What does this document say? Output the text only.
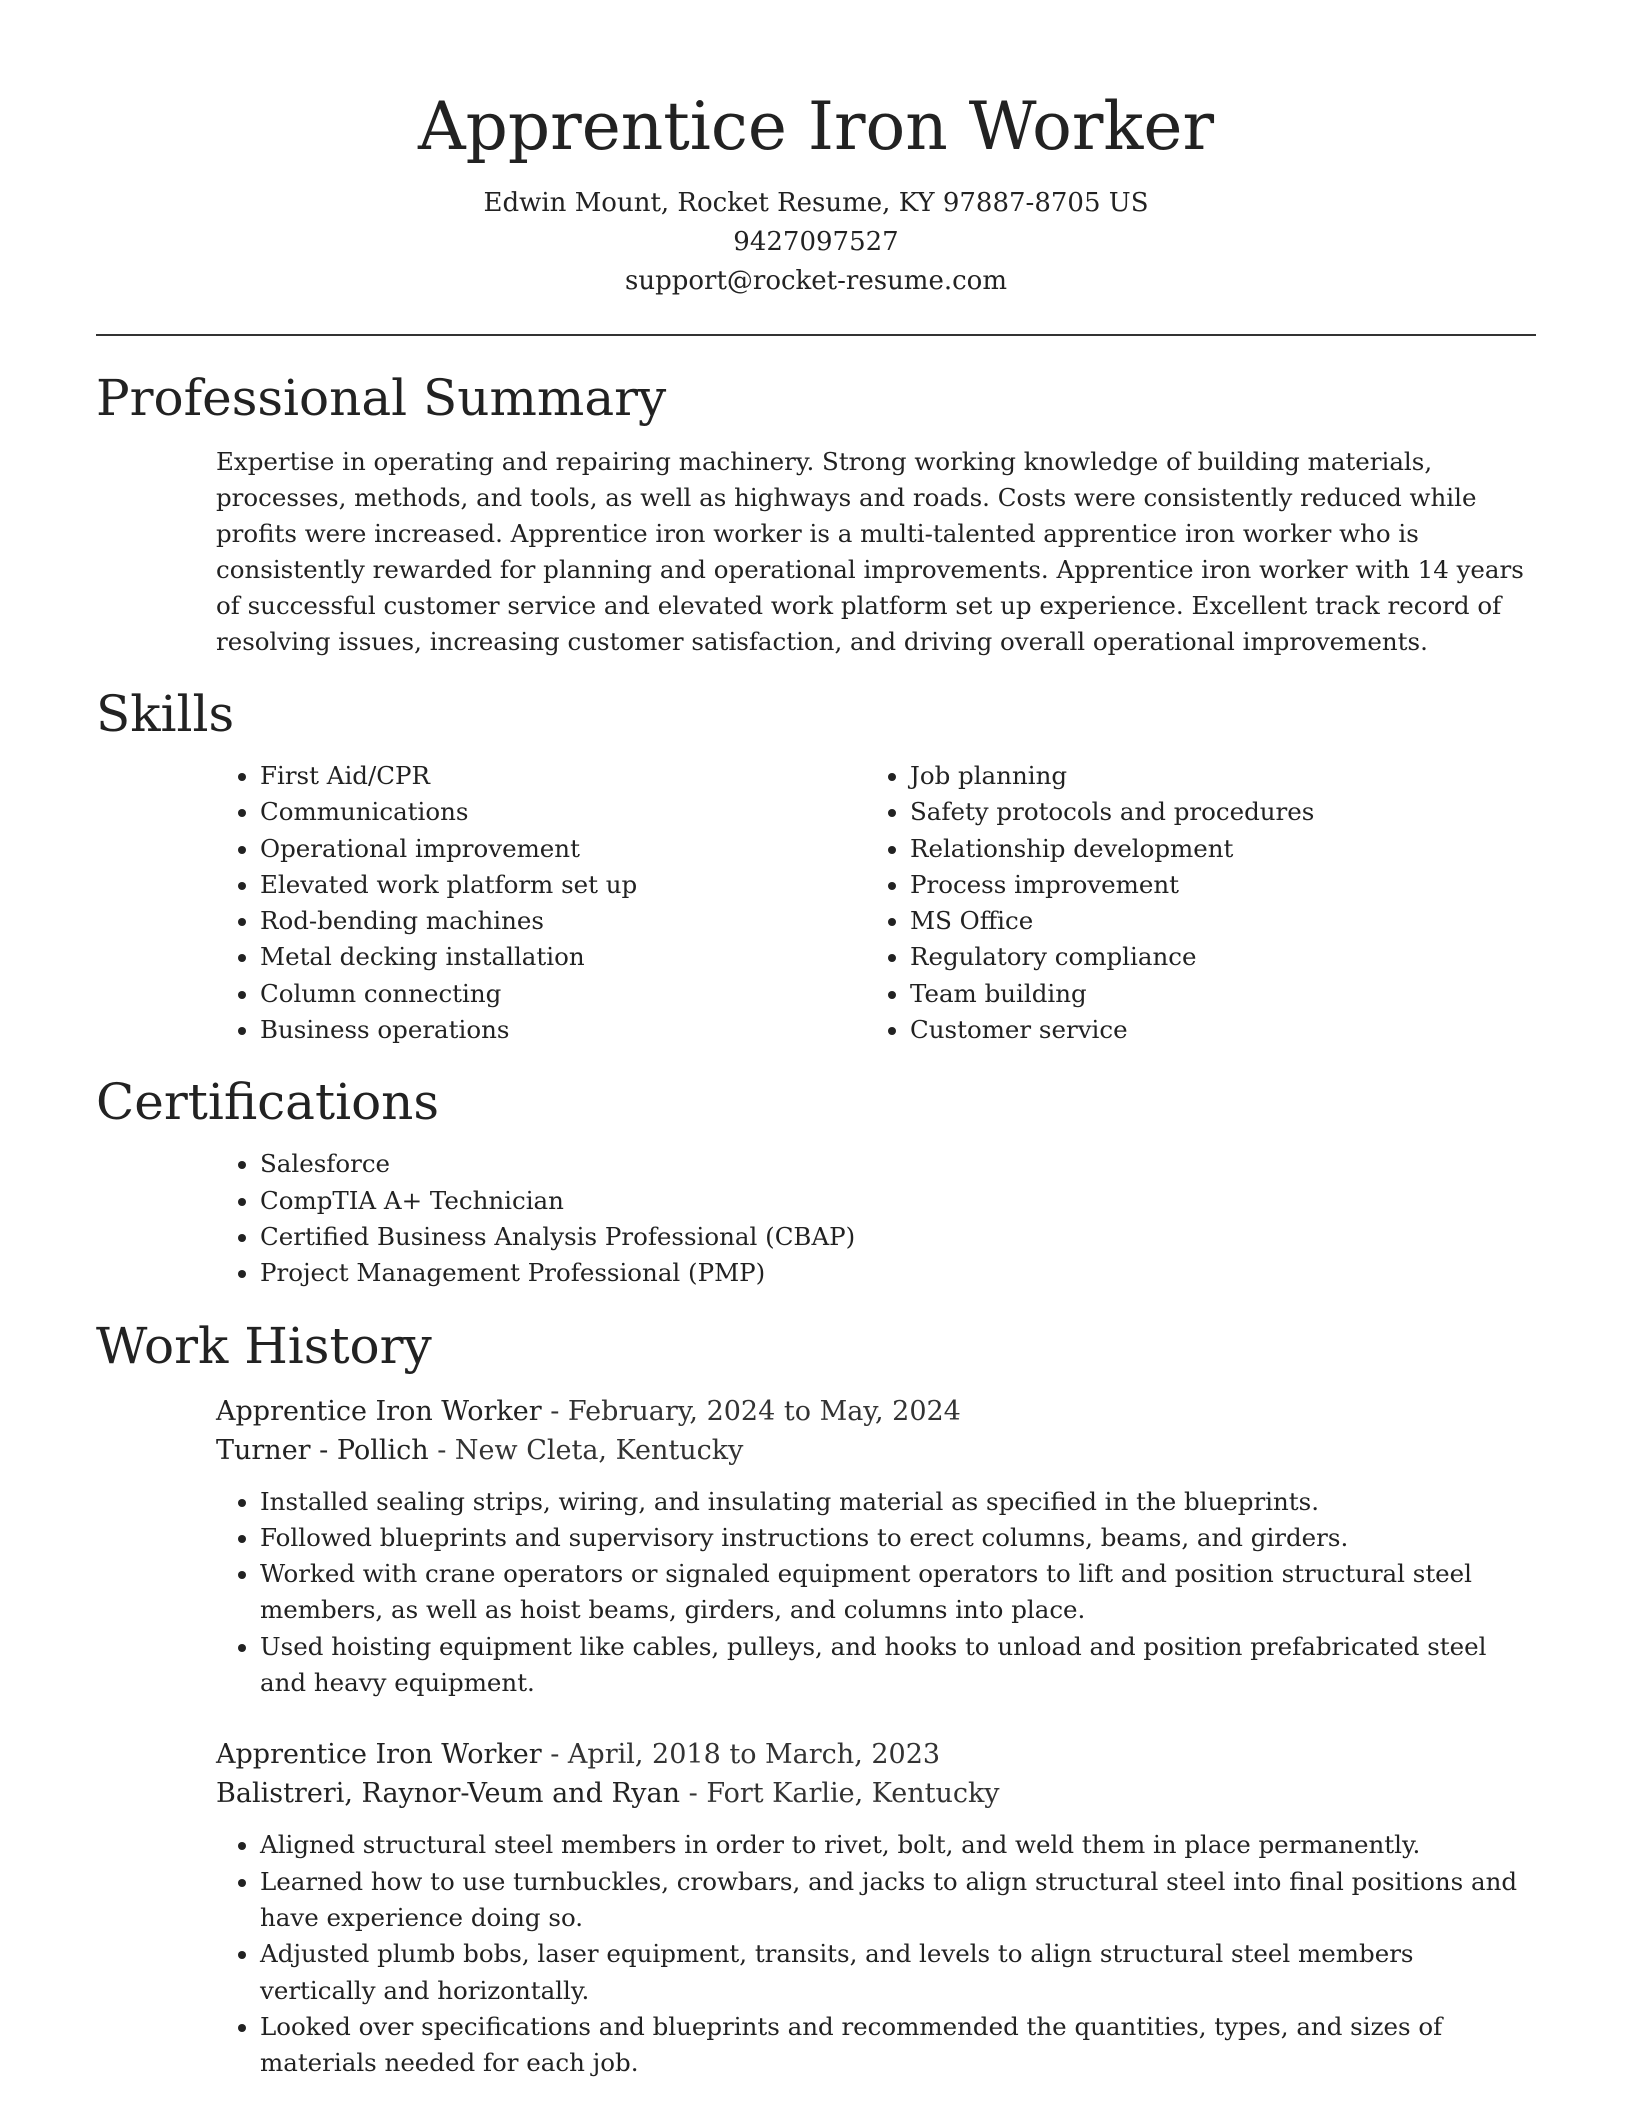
Apprentice Iron Worker
Edwin Mount, Rocket Resume, KY 97887-8705 US
9427097527
support@rocket-resume.com
Professional Summary

Expertise in operating and repairing machinery. Strong working knowledge of building materials, processes, methods, and tools, as well as highways and roads. Costs were consistently reduced while profits were increased. Apprentice iron worker is a multi-talented apprentice iron worker who is consistently rewarded for planning and operational improvements. Apprentice iron worker with 14 years of successful customer service and elevated work platform set up experience. Excellent track record of resolving issues, increasing customer satisfaction, and driving overall operational improvements.

Skills
• First Aid/CPR
• Communications
• Operational improvement
• Elevated work platform set up
• Rod-bending machines
• Metal decking installation
• Column connecting
• Business operations
• Job planning
• Safety protocols and procedures
• Relationship development
• Process improvement
• MS Office
• Regulatory compliance
• Team building
• Customer service
Certifications
• Salesforce
• CompTIA A+ Technician
• Certified Business Analysis Professional (CBAP)
• Project Management Professional (PMP)
Work History
Apprentice Iron Worker - February, 2024 to May, 2024
Turner - Pollich - New Cleta, Kentucky
• Installed sealing strips, wiring, and insulating material as specified in the blueprints.
• Followed blueprints and supervisory instructions to erect columns, beams, and girders.
• Worked with crane operators or signaled equipment operators to lift and position structural steel members, as well as hoist beams, girders, and columns into place.
• Used hoisting equipment like cables, pulleys, and hooks to unload and position prefabricated steel and heavy equipment.
Apprentice Iron Worker - April, 2018 to March, 2023
Balistreri, Raynor-Veum and Ryan - Fort Karlie, Kentucky
• Aligned structural steel members in order to rivet, bolt, and weld them in place permanently.
• Learned how to use turnbuckles, crowbars, and jacks to align structural steel into final positions and have experience doing so.
• Adjusted plumb bobs, laser equipment, transits, and levels to align structural steel members vertically and horizontally.
• Looked over specifications and blueprints and recommended the quantities, types, and sizes of materials needed for each job.
